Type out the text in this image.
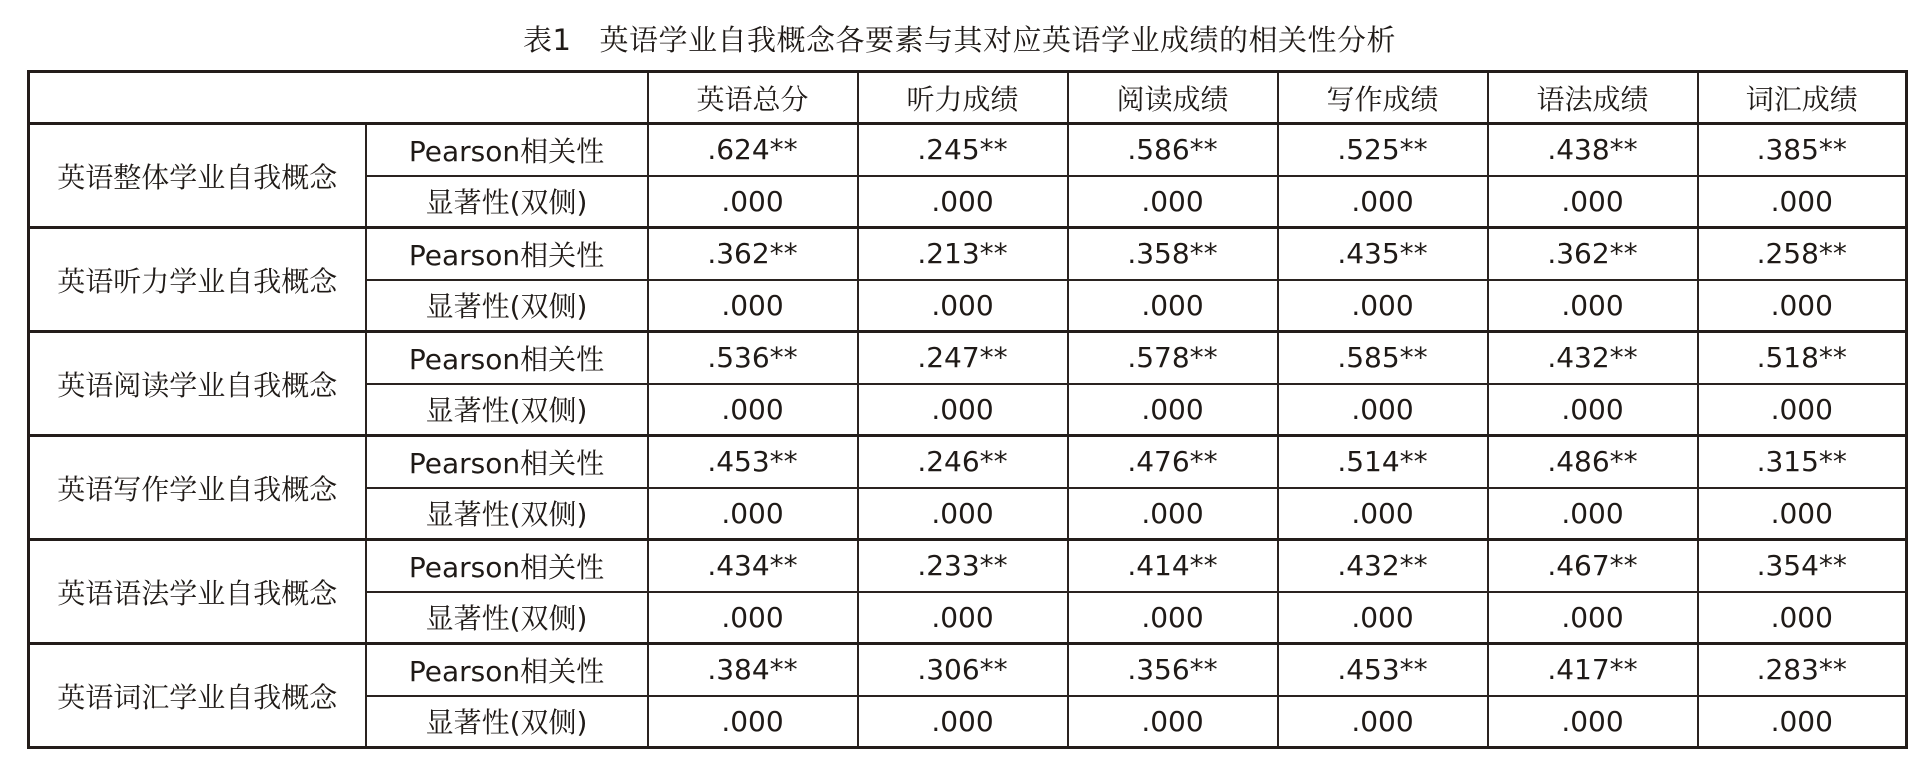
表1 英语学业自我概念各要素与其对应英语学业成绩的相关性分析
		英语总分	听力成绩	阅读成绩	写作成绩	语法成绩	词汇成绩
英语整体学业自我概念	Pearson相关性	.624**	.245**	.586**	.525**	.438**	.385**
	显著性(双侧)	.000	.000	.000	.000	.000	.000
英语听力学业自我概念	Pearson相关性	.362**	.213**	.358**	.435**	.362**	.258**
	显著性(双侧)	.000	.000	.000	.000	.000	.000
英语阅读学业自我概念	Pearson相关性	.536**	.247**	.578**	.585**	.432**	.518**
	显著性(双侧)	.000	.000	.000	.000	.000	.000
英语写作学业自我概念	Pearson相关性	.453**	.246**	.476**	.514**	.486**	.315**
	显著性(双侧)	.000	.000	.000	.000	.000	.000
英语语法学业自我概念	Pearson相关性	.434**	.233**	.414**	.432**	.467**	.354**
	显著性(双侧)	.000	.000	.000	.000	.000	.000
英语词汇学业自我概念	Pearson相关性	.384**	.306**	.356**	.453**	.417**	.283**
	显著性(双侧)	.000	.000	.000	.000	.000	.000
